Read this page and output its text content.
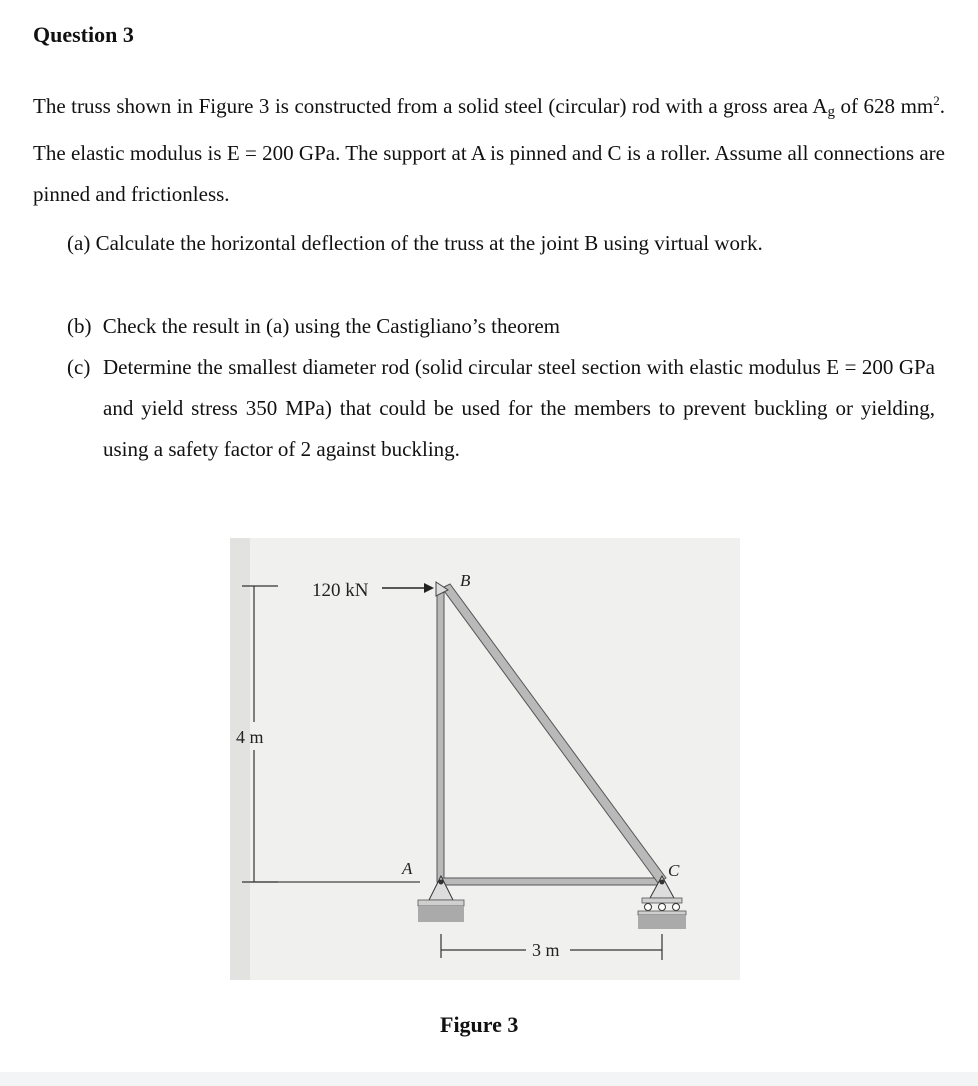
Question 3
The truss shown in Figure 3 is constructed from a solid steel (circular) rod with a gross area $A_g$ of 628 $mm^2$. The elastic modulus is E = 200 GPa. The support at A is pinned and C is a roller. Assume all connections are pinned and frictionless.
(a) Calculate the horizontal deflection of the truss at the joint B using virtual work.
(b) Check the result in (a) using the Castigliano’s theorem
(c) Determine the smallest diameter rod (solid circular steel section with elastic modulus E = 200 GPa and yield stress 350 MPa) that could be used for the members to prevent buckling or yielding, using a safety factor of 2 against buckling.
4 m
120 kN	B
A	C
3 m
Figure 3
